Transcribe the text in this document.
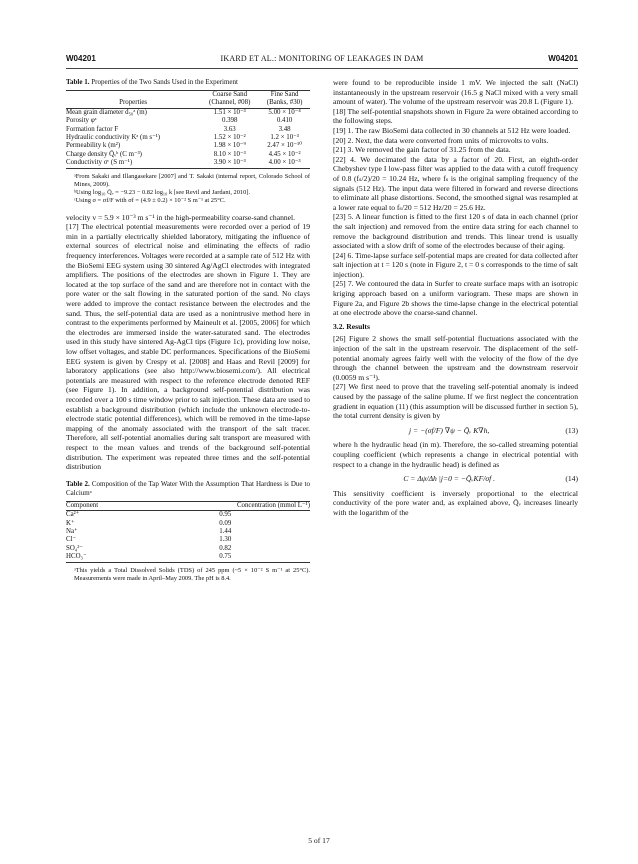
W04201	IKARD ET AL.: MONITORING OF LEAKAGES IN DAM	W04201
Table 1. Properties of the Two Sands Used in the Experiment
	Coarse Sand	Fine Sand
Properties	(Channel, #08)	(Banks, #30)
Mean grain diameter d₅₀ᵃ (m)	1.51 × 10⁻³	5.00 × 10⁻⁴
Porosity φᵃ	0.398	0.410
Formation factor F	3.63	3.48
Hydraulic conductivity Kᵃ (m s⁻¹)	1.52 × 10⁻²	1.2 × 10⁻³
Permeability k (m²)	1.98 × 10⁻⁹	2.47 × 10⁻¹⁰
Charge density Q̄ᵥᵇ (C m⁻³)	8.10 × 10⁻³	4.45 × 10⁻²
Conductivity σᶜ (S m⁻¹)	3.90 × 10⁻³	4.00 × 10⁻³
ᵃFrom Sakaki and Illangasekare [2007] and T. Sakaki (internal report, Colorado School of Mines, 2009).
ᵇUsing log₁₀ Q̄ᵥ = −9.23 − 0.82 log₁₀ k [see Revil and Jardani, 2010].
ᶜUsing σ = σf/F with σf = (4.9 ± 0.2) × 10⁻² S m⁻¹ at 25°C.

velocity v = 5.9 × 10⁻³ m s⁻¹ in the high-permeability coarse-sand channel.

[17] The electrical potential measurements were recorded over a period of 19 min in a partially electrically shielded laboratory, mitigating the influence of external sources of electrical noise and eliminating the effects of radio frequency interferences. Voltages were recorded at a sample rate of 512 Hz with the BioSemi EEG system using 30 sintered Ag/AgCl electrodes with integrated amplifiers. The positions of the electrodes are shown in Figure 1. They are located at the top surface of the sand and are therefore not in contact with the pore water or the salt flowing in the saturated portion of the sand. No clays were added to improve the contact resistance between the electrodes and the sand. Thus, the self-potential data are used as a nonintrusive method here in contrast to the experiments performed by Maineult et al. [2005, 2006] for which the electrodes are immersed inside the water-saturated sand. The electrodes used in this study have sintered Ag-AgCl tips (Figure 1c), providing low noise, low offset voltages, and stable DC performances. Specifications of the BioSemi EEG system is given by Crespy et al. [2008] and Haas and Revil [2009] for laboratory applications (see also http://www.biosemi.com/). All electrical potentials are measured with respect to the reference electrode denoted REF (see Figure 1). In addition, a background self-potential distribution was recorded over a 100 s time window prior to salt injection. These data are used to establish a background distribution (which include the unknown electrode-to-electrode static potential differences), which will be removed in the time-lapse mapping of the anomaly associated with the transport of the salt tracer. Therefore, all self-potential anomalies during salt transport are measured with respect to the mean values and trends of the background self-potential distribution. The experiment was repeated three times and the self-potential distribution

Table 2. Composition of the Tap Water With the Assumption That Hardness is Due to Calciumᵃ
Component	Concentration (mmol L⁻¹)
Ca²⁺	0.95
K⁺	0.09
Na⁺	1.44
Cl⁻	1.30
SO₄²⁻	0.82
HCO₃⁻	0.75
ᵃThis yields a Total Dissolved Solids (TDS) of 245 ppm (~5 × 10⁻² S m⁻¹ at 25°C). Measurements were made in April–May 2009. The pH is 8.4.

were found to be reproducible inside 1 mV. We injected the salt (NaCl) instantaneously in the upstream reservoir (16.5 g NaCl mixed with a very small amount of water). The volume of the upstream reservoir was 20.8 L (Figure 1).

[18] The self-potential snapshots shown in Figure 2a were obtained according to the following steps.

[19] 1. The raw BioSemi data collected in 30 channels at 512 Hz were loaded.

[20] 2. Next, the data were converted from units of microvolts to volts.

[21] 3. We removed the gain factor of 31.25 from the data.

[22] 4. We decimated the data by a factor of 20. First, an eighth-order Chebyshev type I low-pass filter was applied to the data with a cutoff frequency of 0.8 (fₛ/2)/20 = 10.24 Hz, where fₛ is the original sampling frequency of the signals (512 Hz). The input data were filtered in forward and reverse directions to eliminate all phase distortions. Second, the smoothed signal was resampled at a lower rate equal to fₛ/20 = 512 Hz/20 = 25.6 Hz.

[23] 5. A linear function is fitted to the first 120 s of data in each channel (prior the salt injection) and removed from the entire data string for each channel to remove the background distribution and trends. This linear trend is usually associated with a slow drift of some of the electrodes because of their aging.

[24] 6. Time-lapse surface self-potential maps are created for data collected after salt injection at t = 120 s (note in Figure 2, t = 0 s corresponds to the time of salt injection).

[25] 7. We contoured the data in Surfer to create surface maps with an isotropic kriging approach based on a uniform variogram. These maps are shown in Figure 2a, and Figure 2b shows the time-lapse change in the electrical potential at one electrode above the coarse-sand channel.

3.2. Results

[26] Figure 2 shows the small self-potential fluctuations associated with the injection of the salt in the upstream reservoir. The displacement of the self-potential anomaly agrees fairly well with the velocity of the flow of the dye through the channel between the upstream and the downstream reservoir (0.0059 m s⁻¹).

[27] We first need to prove that the traveling self-potential anomaly is indeed caused by the passage of the saline plume. If we first neglect the concentration gradient in equation (11) (this assumption will be discussed further in section 5), the total current density is given by

j = −(σf/F) ∇ψ − Q̄ᵥ K∇h,	(13)

where h the hydraulic head (in m). Therefore, the so-called streaming potential coupling coefficient (which represents a change in electrical potential with respect to a change in the hydraulic head) is defined as

C = Δψ/Δh |j=0 = −Q̄ᵥKF/σf .	(14)

This sensitivity coefficient is inversely proportional to the electrical conductivity of the pore water and, as explained above, Q̄ᵥ increases linearly with the logarithm of the

5 of 17
